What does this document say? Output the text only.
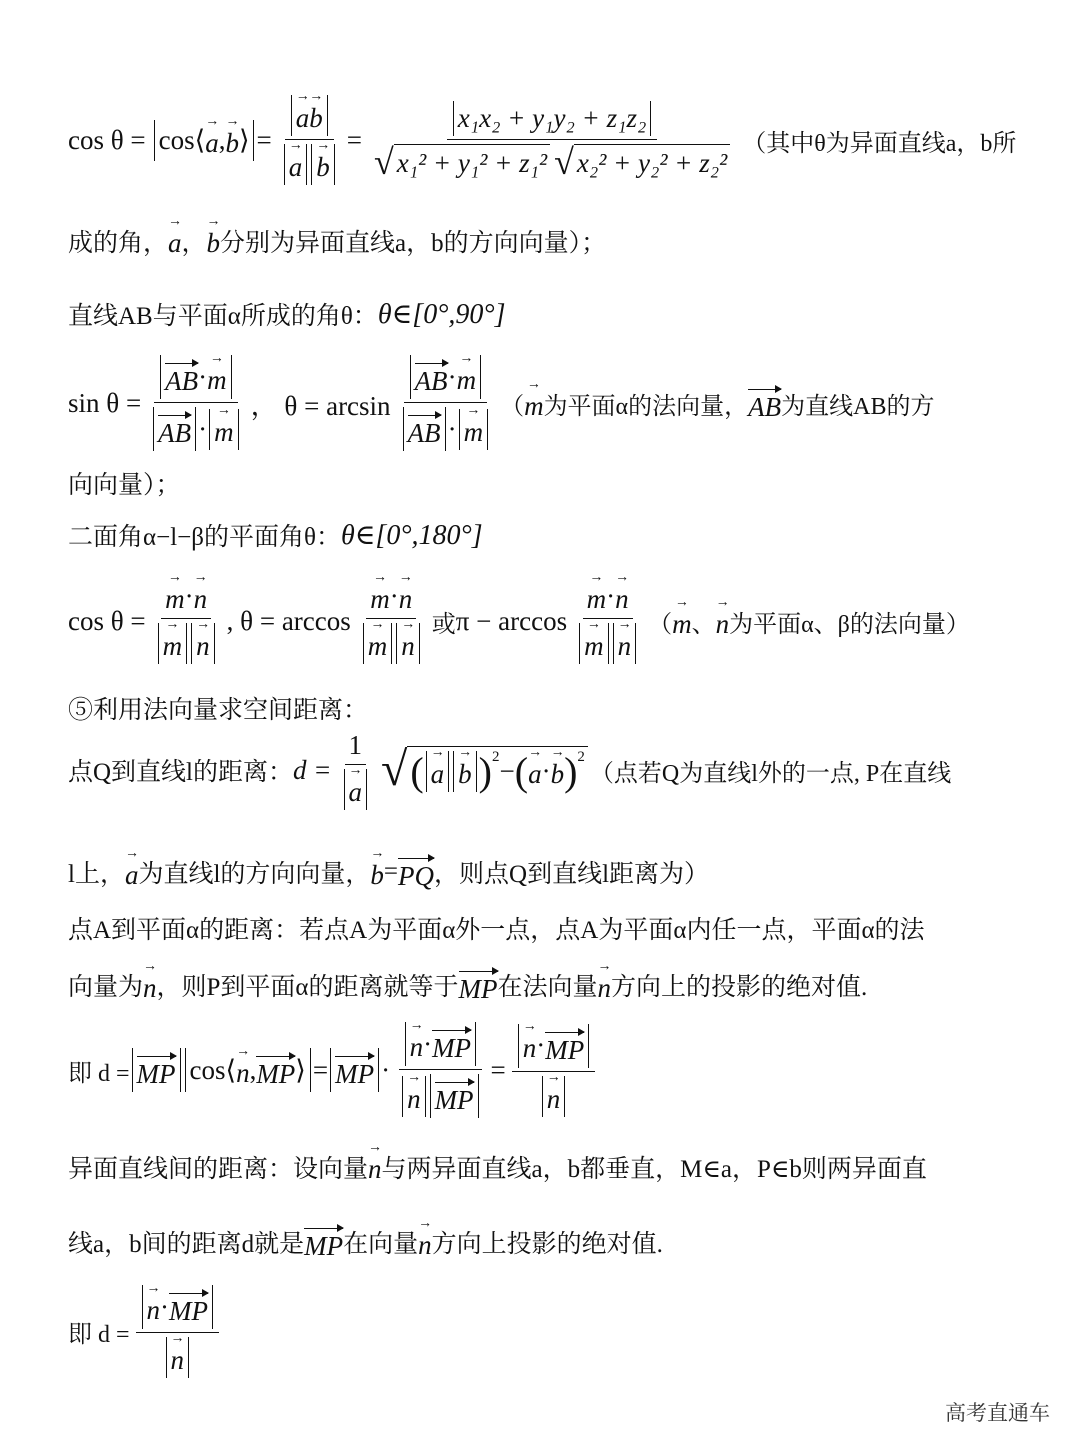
cos θ = cos⟨ a → , b → ⟩ = $\frac{a \to b \to}{a \to b}$ → = $\frac{\text{x₁x₂ + y₁y₂ + z₁z₂}}{\text{√ x₁² + y₁² + z₁² √ x₂² + y₂² + z₂²}}$ （其中θ为异面直线a，b所
成的角， a → ， b → 分别为异面直线a，b的方向向量）；
直线AB与平面α所成的角θ： θ∈[0°,90°]
$\sin \theta = \frac{AB \cdot m \to}{AB \cdot m}$ → ， $\theta = \arcsin \frac{AB \cdot m \to}{AB \cdot m}$ → （ m → 为平面α的法向量， AB 为直线AB的方
向向量）；
二面角α−l−β的平面角θ： θ∈[0°,180°]
$\cos \theta = \frac{m \to \cdot n \to}{m \to n}$ → , $\theta = \arccos \frac{m \to \cdot n \to}{m \to n}$ → 或 $\pi - \arccos \frac{m \to \cdot n \to}{m \to n}$ → （ m → 、 n → 为平面α、β的法向量）
⑤利用法向量求空间距离：
点Q到直线l的距离： $d = \frac{1}{a}$ → √ ( a → b → )$^2$ − ( a → · b → )$^2$
（点若Q为直线l外的一点, P在直线
l上， a → 为直线l的方向向量， b → = PQ ，则点Q到直线l距离为）
点A到平面α的距离：若点A为平面α外一点，点A为平面α内任一点，平面α的法
向量为 n → ，则P到平面α的距离就等于 MP 在法向量 n → 方向上的投影的绝对值.
即 d = MP cos⟨ n → , MP ⟩ = MP · $\frac{n \to \cdot MP}{n \to MP} = \frac{n \to \cdot MP}{n}$ →
异面直线间的距离：设向量 n → 与两异面直线a，b都垂直，M∈a，P∈b则两异面直
线a，b间的距离d就是 MP 在向量 n → 方向上投影的绝对值.
即 $d = \frac{n \to \cdot MP}{n}$ →
高考直通车
